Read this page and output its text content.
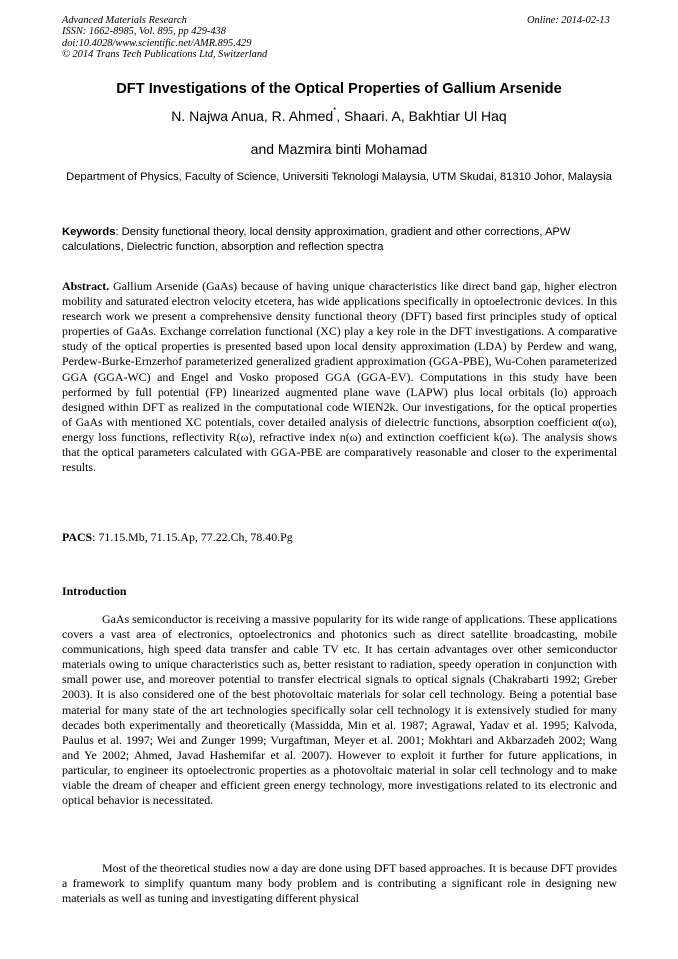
Advanced Materials Research
ISSN: 1662-8985, Vol. 895, pp 429-438
doi:10.4028/www.scientific.net/AMR.895.429
© 2014 Trans Tech Publications Ltd, Switzerland
Online: 2014-02-13
DFT Investigations of the Optical Properties of Gallium Arsenide
N. Najwa Anua, R. Ahmed*, Shaari. A, Bakhtiar Ul Haq
and Mazmira binti Mohamad
Department of Physics, Faculty of Science, Universiti Teknologi Malaysia, UTM Skudai, 81310 Johor, Malaysia
Keywords: Density functional theory, local density approximation, gradient and other corrections, APW calculations, Dielectric function, absorption and reflection spectra
Abstract. Gallium Arsenide (GaAs) because of having unique characteristics like direct band gap, higher electron mobility and saturated electron velocity etcetera, has wide applications specifically in optoelectronic devices. In this research work we present a comprehensive density functional theory (DFT) based first principles study of optical properties of GaAs. Exchange correlation functional (XC) play a key role in the DFT investigations. A comparative study of the optical properties is presented based upon local density approximation (LDA) by Perdew and wang, Perdew-Burke-Ernzerhof parameterized generalized gradient approximation (GGA-PBE), Wu-Cohen parameterized GGA (GGA-WC) and Engel and Vosko proposed GGA (GGA-EV). Computations in this study have been performed by full potential (FP) linearized augmented plane wave (LAPW) plus local orbitals (lo) approach designed within DFT as realized in the computational code WIEN2k. Our investigations, for the optical properties of GaAs with mentioned XC potentials, cover detailed analysis of dielectric functions, absorption coefficient α(ω), energy loss functions, reflectivity R(ω), refractive index n(ω) and extinction coefficient k(ω). The analysis shows that the optical parameters calculated with GGA-PBE are comparatively reasonable and closer to the experimental results.
PACS: 71.15.Mb, 71.15.Ap, 77.22.Ch, 78.40.Pg
Introduction
GaAs semiconductor is receiving a massive popularity for its wide range of applications. These applications covers a vast area of electronics, optoelectronics and photonics such as direct satellite broadcasting, mobile communications, high speed data transfer and cable TV etc. It has certain advantages over other semiconductor materials owing to unique characteristics such as, better resistant to radiation, speedy operation in conjunction with small power use, and moreover potential to transfer electrical signals to optical signals (Chakrabarti 1992; Greber 2003). It is also considered one of the best photovoltaic materials for solar cell technology. Being a potential base material for many state of the art technologies specifically solar cell technology it is extensively studied for many decades both experimentally and theoretically (Massidda, Min et al. 1987; Agrawal, Yadav et al. 1995; Kalvoda, Paulus et al. 1997; Wei and Zunger 1999; Vurgaftman, Meyer et al. 2001; Mokhtari and Akbarzadeh 2002; Wang and Ye 2002; Ahmed, Javad Hashemifar et al. 2007). However to exploit it further for future applications, in particular, to engineer its optoelectronic properties as a photovoltaic material in solar cell technology and to make viable the dream of cheaper and efficient green energy technology, more investigations related to its electronic and optical behavior is necessitated.
Most of the theoretical studies now a day are done using DFT based approaches. It is because DFT provides a framework to simplify quantum many body problem and is contributing a significant role in designing new materials as well as tuning and investigating different physical
